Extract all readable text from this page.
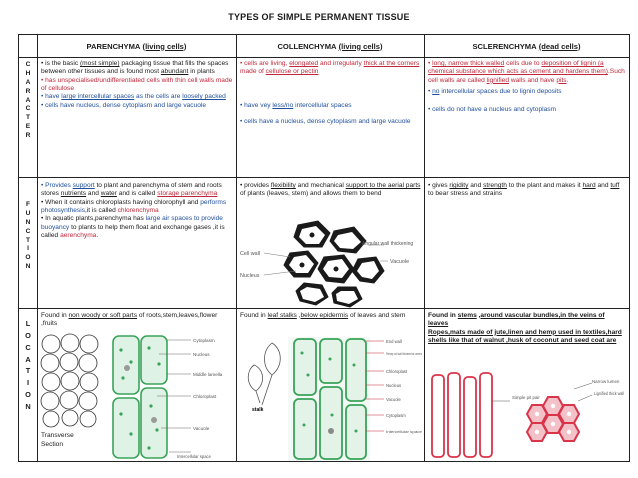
TYPES OF SIMPLE PERMANENT TISSUE
PARENCHYMA
(living cells)	COLLENCHYMA
(living cells)	SCLERENCHYMA
(dead cells)
C
H
A
R
A
C
T
E
R
F
U
N
C
T
I
O
N
L
O
C
A
T
I
O
N

• is the basic (most simple) packaging tissue that fills the spaces between other tissues and is found most abundant in plants

• has unspecialised/undifferentiated cells with thin cell walls made of cellulose

• have large intercellular spaces as the cells are loosely packed

• cells have nucleus, dense cytoplasm and large vacuole

• cells are living, elongated and irregularly thick at the corners made of cellulose or pectin

• have vey less/no intercellular spaces

• cells have a nucleus, dense cytoplasm and large vacuole

• long, narrow thick walled cells due to deposition of lignin (a chemical substance which acts as cement and hardens them).Such cell walls are called lignified walls and have pits.

• no intercellular spaces due to lignin deposits

• cells do not have a nucleus and cytoplasm

• Provides support to plant and parenchyma of stem and roots stores nutrients and water and is called storage parenchyma

• When it contains chloroplasts having chlorophyll and performs photosynthesis,it is called chlorenchyma

• In aquatic plants,parenchyma has large air spaces to provide buoyancy to plants to help them float and exchange gases ,it is called aerenchyma.

• provides flexibility and mechanical support to the aerial parts of plants (leaves, stem) and allows them to bend

Cell wall
Nucleus
Angular wall thickening
Vacuole

• gives rigidity and strength to the plant and makes it hard and tuff to bear stress and strains

Found in non woody or soft parts of roots,stem,leaves,flower ,fruits

Cytoplasm
Nucleus
Middle lamella
Chloroplast
Vacuole
Intercellular space

Transverse Section

Found in leaf stalks ,below epidermis of leaves and stem

stalk
End wall
Primary cell wall thickened at corners
Chloroplast
Nucleus
Vacuole
Cytoplasm
Intercellular space

Found in stems ,around vascular bundles,in the veins of leaves

Ropes,mats made of jute,linen and hemp used in textiles,hard shells like that of walnut ,husk of coconut and seed coat are

Narrow lumen
Lignified thick wall
Simple pit pair
